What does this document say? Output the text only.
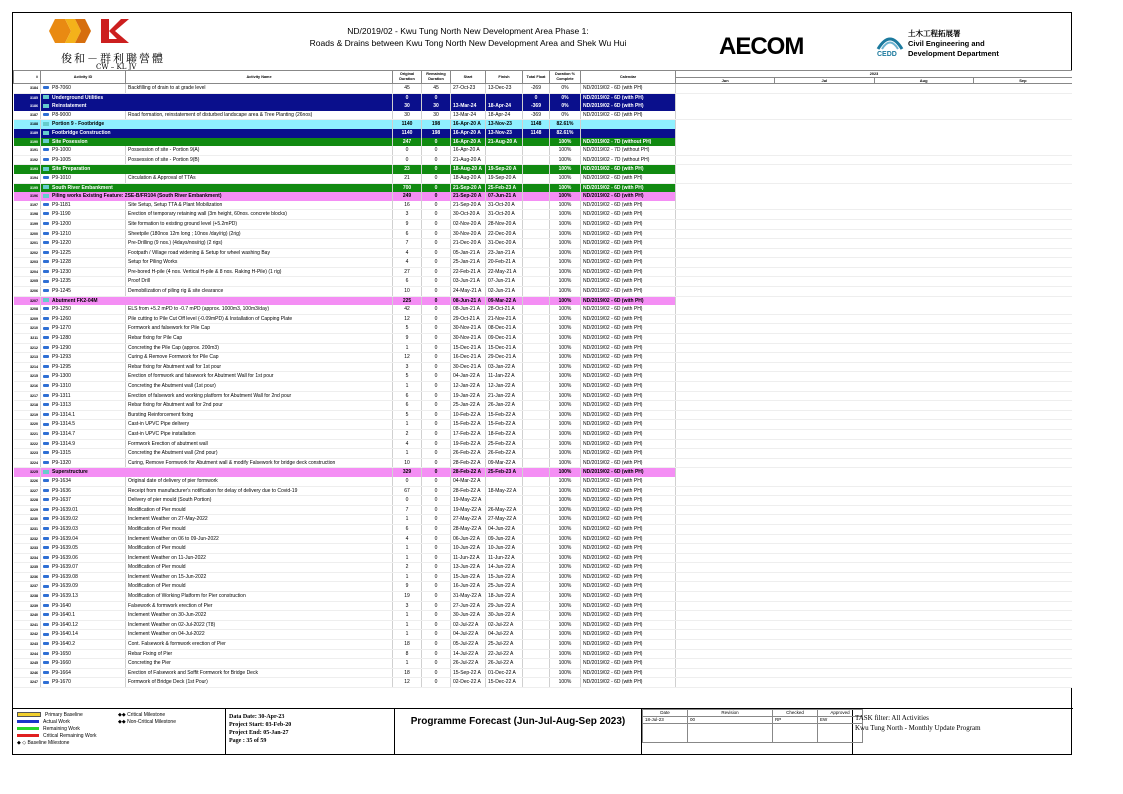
俊和－群利聯營體
CW – KL JV
ND/2019/02 - Kwu Tung North New Development Area Phase 1:
Roads & Drains between Kwu Tong North New Development Area and Shek Wu Hui	AECOM	CEDD
土木工程拓展署
Civil Engineering and
Development Department
#	Activity ID	Activity Name	Original Duration	Remaining Duration	Start	Finish	Total Float	Duration % Complete	Calendar	2023
Jun Jul Aug Sep

3184	P8-7060	Backfilling of drain to at grade level	45	45	27-Oct-23	13-Dec-23	-269	0%	ND/2019/02 - 6D (with PH)	
3185	Underground Utilities		0	0			0	0%	ND/2019/02 - 6D (with PH)	
3186	Reinstatement		30	30	13-Mar-24	18-Apr-24	-369	0%	ND/2019/02 - 6D (with PH)	
3187	P8-9000	Road formation, reinstatement of disturbed landscape area & Tree Planting (26nos)	30	30	13-Mar-24	18-Apr-24	-369	0%	ND/2019/02 - 6D (with PH)	
3188	Portion 9 - Footbridge		1140	198	16-Apr-20 A	13-Nov-23	1148	82.61%		
3189	Footbridge Construction		1140	198	16-Apr-20 A	13-Nov-23	1148	82.61%		
3190	Site Posession		247	0	16-Apr-20 A	21-Aug-20 A		100%	ND/2019/02 - 7D (without PH)	
3191	P9-1000	Possession of site - Portion 9(A)	0	0	16-Apr-20 A			100%	ND/2019/02 - 7D (without PH)	
3192	P9-1005	Possession of site - Portion 9(B)	0	0	21-Aug-20 A			100%	ND/2019/02 - 7D (without PH)	
3193	Site Preparation		23	0	18-Aug-20 A	19-Sep-20 A		100%	ND/2019/02 - 6D (with PH)	
3194	P9-1010	Circulation & Approval of TTAs	21	0	18-Aug-20 A	19-Sep-20 A		100%	ND/2019/02 - 6D (with PH)	
3195	South River Embankment		700	0	21-Sep-20 A	25-Feb-23 A		100%	ND/2019/02 - 6D (with PH)	
3196	Piling works Existing Feature: 2SE-B/FR104 (South River Embankment)		249	0	21-Sep-20 A	07-Jun-21 A		100%	ND/2019/02 - 6D (with PH)	
3197	P9-1181	Site Setup, Setup TTA & Plant Mobilization	16	0	21-Sep-20 A	31-Oct-20 A		100%	ND/2019/02 - 6D (with PH)	
3198	P9-1190	Erection of temporary retaining wall (3m height, 60nos. concrete blocks)	3	0	30-Oct-20 A	31-Oct-20 A		100%	ND/2019/02 - 6D (with PH)	
3199	P9-1200	Site formation to existing ground level (+5.2mPD)	9	0	02-Nov-20 A	28-Nov-20 A		100%	ND/2019/02 - 6D (with PH)	
3200	P9-1210	Sheetpile (180nos 12m long ; 10nos /day/rig) (2rig)	6	0	30-Nov-20 A	22-Dec-20 A		100%	ND/2019/02 - 6D (with PH)	
3201	P9-1220	Pre-Drilling (9 nos.) (4days/nos/rig) (2 rigs)	7	0	21-Dec-20 A	31-Dec-20 A		100%	ND/2019/02 - 6D (with PH)	
3202	P9-1225	Footpath / Village road widening & Setup for wheel washing Bay	4	0	05-Jan-21 A	23-Jan-21 A		100%	ND/2019/02 - 6D (with PH)	
3203	P9-1228	Setup for Piling Works	4	0	25-Jan-21 A	20-Feb-21 A		100%	ND/2019/02 - 6D (with PH)	
3204	P9-1230	Pre-bored H-pile (4 nos. Vertical H-pile & 8 nos. Raking H-Pile) (1 rig)	27	0	22-Feb-21 A	22-May-21 A		100%	ND/2019/02 - 6D (with PH)	
3205	P9-1235	Proof Drill	6	0	03-Jun-21 A	07-Jun-21 A		100%	ND/2019/02 - 6D (with PH)	
3206	P9-1245	Demobilization of piling rig & site clearance	10	0	24-May-21 A	02-Jun-21 A		100%	ND/2019/02 - 6D (with PH)	
3207	Abutment FK2-04M		225	0	08-Jun-21 A	09-Mar-22 A		100%	ND/2019/02 - 6D (with PH)	
3208	P9-1250	ELS from +5.2 mPD to -0.7 mPD (approx. 1000m3, 100m3/day)	42	0	08-Jun-21 A	28-Oct-21 A		100%	ND/2019/02 - 6D (with PH)	
3209	P9-1260	Pile cutting to Pile Cut Off level (-0.09mPD) & Installation of Capping Plate	12	0	29-Oct-21 A	21-Nov-21 A		100%	ND/2019/02 - 6D (with PH)	
3210	P9-1270	Formwork and falsework for Pile Cap	5	0	30-Nov-21 A	08-Dec-21 A		100%	ND/2019/02 - 6D (with PH)	
3211	P9-1280	Rebar fixing for Pile Cap	9	0	30-Nov-21 A	09-Dec-21 A		100%	ND/2019/02 - 6D (with PH)	
3212	P9-1290	Concreting the Pile Cap (approx. 200m3)	1	0	15-Dec-21 A	15-Dec-21 A		100%	ND/2019/02 - 6D (with PH)	
3213	P9-1293	Curing & Remove Formwork for Pile Cap	12	0	16-Dec-21 A	29-Dec-21 A		100%	ND/2019/02 - 6D (with PH)	
3214	P9-1295	Rebar fixing for Abutment wall for 1st pour	3	0	30-Dec-21 A	03-Jan-22 A		100%	ND/2019/02 - 6D (with PH)	
3215	P9-1300	Erection of formwork and falsework for Abutment Wall for 1st pour	5	0	04-Jan-22 A	11-Jan-22 A		100%	ND/2019/02 - 6D (with PH)	
3216	P9-1310	Concreting the Abutment wall (1st pour)	1	0	12-Jan-22 A	12-Jan-22 A		100%	ND/2019/02 - 6D (with PH)	
3217	P9-1311	Erection of falsework and working platform for Abutment Wall for 2nd pour	6	0	19-Jan-22 A	21-Jan-22 A		100%	ND/2019/02 - 6D (with PH)	
3218	P9-1313	Rebar fixing for Abutment wall for 2nd pour	6	0	25-Jan-22 A	26-Jan-22 A		100%	ND/2019/02 - 6D (with PH)	
3219	P9-1314.1	Bursting Reinforcement fixing	5	0	10-Feb-22 A	15-Feb-22 A		100%	ND/2019/02 - 6D (with PH)	
3220	P9-1314.5	Cast-in UPVC Pipe delivery	1	0	15-Feb-22 A	15-Feb-22 A		100%	ND/2019/02 - 6D (with PH)	
3221	P9-1314.7	Cast-in UPVC Pipe installation	2	0	17-Feb-22 A	18-Feb-22 A		100%	ND/2019/02 - 6D (with PH)	
3222	P9-1314.9	Formwork Erection of abutment wall	4	0	19-Feb-22 A	25-Feb-22 A		100%	ND/2019/02 - 6D (with PH)	
3223	P9-1315	Concreting the Abutment wall (2nd pour)	1	0	26-Feb-22 A	26-Feb-22 A		100%	ND/2019/02 - 6D (with PH)	
3224	P9-1320	Curing, Remove Formwork for Abutment wall & modify Falsework for bridge deck construction	10	0	28-Feb-22 A	09-Mar-22 A		100%	ND/2019/02 - 6D (with PH)	
3225	Superstructure		329	0	28-Feb-22 A	25-Feb-23 A		100%	ND/2019/02 - 6D (with PH)	
3226	P9-1634	Original date of delivery of pier formwork	0	0	04-Mar-22 A			100%	ND/2019/02 - 6D (with PH)	
3227	P9-1636	Receipt from manufacturer's notification for delay of delivery due to Covid-19	67	0	28-Feb-22 A	18-May-22 A		100%	ND/2019/02 - 6D (with PH)	
3228	P9-1637	Delivery of pier mould (South Portion)	0	0	19-May-22 A			100%	ND/2019/02 - 6D (with PH)	
3229	P9-1639.01	Modification of Pier mould	7	0	19-May-22 A	26-May-22 A		100%	ND/2019/02 - 6D (with PH)	
3230	P9-1639.02	Inclement Weather on 27-May-2022	1	0	27-May-22 A	27-May-22 A		100%	ND/2019/02 - 6D (with PH)	
3231	P9-1639.03	Modification of Pier mould	6	0	28-May-22 A	04-Jun-22 A		100%	ND/2019/02 - 6D (with PH)	
3232	P9-1639.04	Inclement Weather on 06 to 09-Jun-2022	4	0	06-Jun-22 A	09-Jun-22 A		100%	ND/2019/02 - 6D (with PH)	
3233	P9-1639.05	Modification of Pier mould	1	0	10-Jun-22 A	10-Jun-22 A		100%	ND/2019/02 - 6D (with PH)	
3234	P9-1639.06	Inclement Weather on 11-Jun-2022	1	0	11-Jun-22 A	11-Jun-22 A		100%	ND/2019/02 - 6D (with PH)	
3235	P9-1639.07	Modification of Pier mould	2	0	13-Jun-22 A	14-Jun-22 A		100%	ND/2019/02 - 6D (with PH)	
3236	P9-1639.08	Inclement Weather on 15-Jun-2022	1	0	15-Jun-22 A	15-Jun-22 A		100%	ND/2019/02 - 6D (with PH)	
3237	P9-1639.09	Modification of Pier mould	9	0	16-Jun-22 A	25-Jun-22 A		100%	ND/2019/02 - 6D (with PH)	
3238	P9-1639.13	Modification of Working Platform for Pier construction	19	0	31-May-22 A	18-Jun-22 A		100%	ND/2019/02 - 6D (with PH)	
3239	P9-1640	Falsework & formwork erection of Pier	3	0	27-Jun-22 A	29-Jun-22 A		100%	ND/2019/02 - 6D (with PH)	
3240	P9-1640.1	Inclement Weather on 30-Jun-2022	1	0	30-Jun-22 A	30-Jun-22 A		100%	ND/2019/02 - 6D (with PH)	
3241	P9-1640.12	Inclement Weather on 02-Jul-2022 (T8)	1	0	02-Jul-22 A	02-Jul-22 A		100%	ND/2019/02 - 6D (with PH)	
3242	P9-1640.14	Inclement Weather on 04-Jul-2022	1	0	04-Jul-22 A	04-Jul-22 A		100%	ND/2019/02 - 6D (with PH)	
3243	P9-1640.2	Cont. Falsework & formwork erection of Pier	18	0	05-Jul-22 A	25-Jul-22 A		100%	ND/2019/02 - 6D (with PH)	
3244	P9-1650	Rebar Fixing of Pier	8	0	14-Jul-22 A	22-Jul-22 A		100%	ND/2019/02 - 6D (with PH)	
3245	P9-1660	Concreting the Pier	1	0	26-Jul-22 A	26-Jul-22 A		100%	ND/2019/02 - 6D (with PH)	
3246	P9-1664	Erection of Falsework and Soffit Formwork for Bridge Deck	18	0	15-Sep-22 A	01-Dec-22 A		100%	ND/2019/02 - 6D (with PH)	
3247	P9-1670	Formwork of Bridge Deck (1st Pour)	12	0	02-Dec-22 A	15-Dec-22 A		100%	ND/2019/02 - 6D (with PH)	
Primary Baseline
Actual Work
Remaining Work
Critical Remaining Work
◆ ◇ Baseline Milestone
◆◆ Critical Milestone
◆◆ Non-Critical Milestone
Data Date: 30-Apr-23
Project Start: 03-Feb-20
Project End: 05-Jan-27
Page : 35 of 59
Programme Forecast (Jun-Jul-Aug-Sep 2023)
Date	Revision	Checked	Approved
18-Jul-23	00	RP	EW
				TASK filter: All Activities
Kwu Tung North - Monthly Update Program
